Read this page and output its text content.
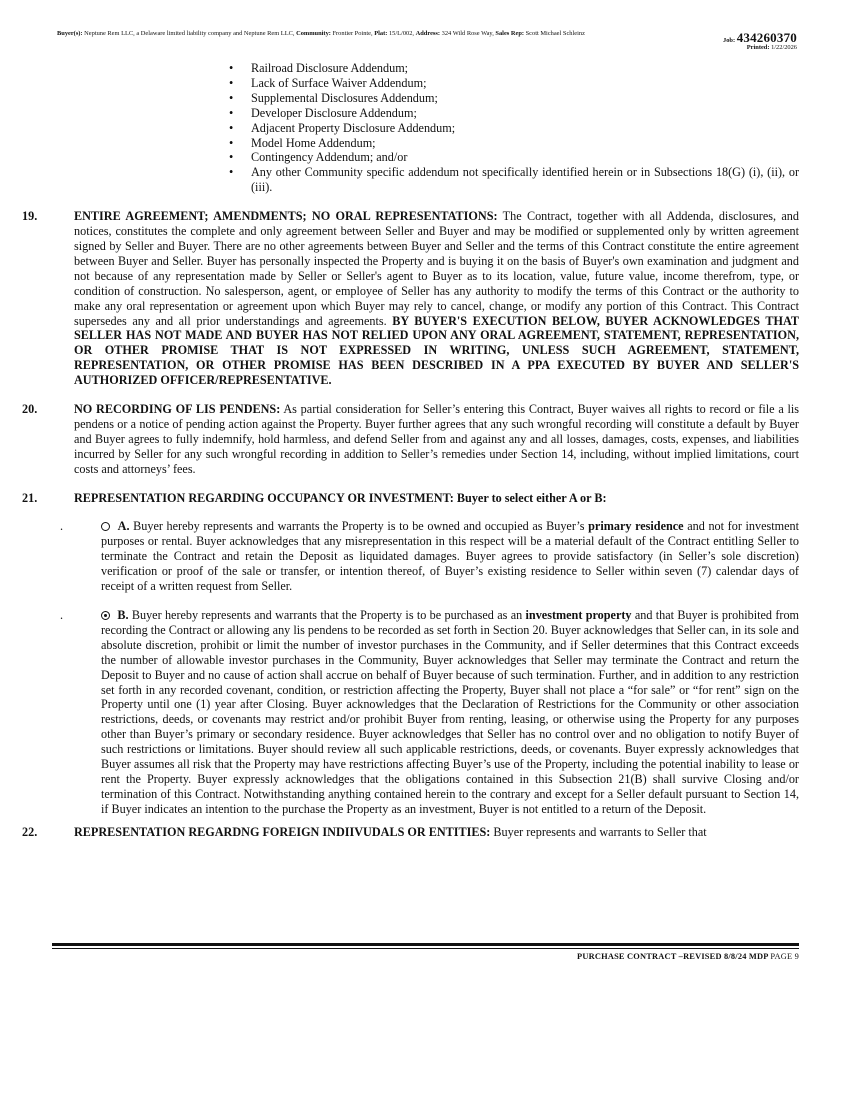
Buyer(s): Neptune Rem LLC, a Delaware limited liability company and Neptune Rem LLC, Community: Frontier Pointe, Plat: 15/L/002, Address: 324 Wild Rose Way, Sales Rep: Scott Michael Schleinz
Job: 434260370
Printed: 1/22/2026
• Railroad Disclosure Addendum;
• Lack of Surface Waiver Addendum;
• Supplemental Disclosures Addendum;
• Developer Disclosure Addendum;
• Adjacent Property Disclosure Addendum;
• Model Home Addendum;
• Contingency Addendum; and/or
• Any other Community specific addendum not specifically identified herein or in Subsections 18(G) (i), (ii), or (iii).
19.	ENTIRE AGREEMENT; AMENDMENTS; NO ORAL REPRESENTATIONS: The Contract, together with all Addenda, disclosures, and notices, constitutes the complete and only agreement between Seller and Buyer and may be modified or supplemented only by written agreement signed by Seller and Buyer. There are no other agreements between Buyer and Seller and the terms of this Contract constitute the entire agreement between Buyer and Seller. Buyer has personally inspected the Property and is buying it on the basis of Buyer's own examination and judgment and not because of any representation made by Seller or Seller's agent to Buyer as to its location, value, future value, income therefrom, type, or condition of construction. No salesperson, agent, or employee of Seller has any authority to modify the terms of this Contract or the authority to make any oral representation or agreement upon which Buyer may rely to cancel, change, or modify any portion of this Contract. This Contract supersedes any and all prior understandings and agreements. BY BUYER'S EXECUTION BELOW, BUYER ACKNOWLEDGES THAT SELLER HAS NOT MADE AND BUYER HAS NOT RELIED UPON ANY ORAL AGREEMENT, STATEMENT, REPRESENTATION, OR OTHER PROMISE THAT IS NOT EXPRESSED IN WRITING, UNLESS SUCH AGREEMENT, STATEMENT, REPRESENTATION, OR OTHER PROMISE HAS BEEN DESCRIBED IN A PPA EXECUTED BY BUYER AND SELLER'S AUTHORIZED OFFICER/REPRESENTATIVE.

20.	NO RECORDING OF LIS PENDENS: As partial consideration for Seller’s entering this Contract, Buyer waives all rights to record or file a lis pendens or a notice of pending action against the Property. Buyer further agrees that any such wrongful recording will constitute a default by Buyer and Buyer agrees to fully indemnify, hold harmless, and defend Seller from and against any and all losses, damages, costs, expenses, and liabilities incurred by Seller for any such wrongful recording in addition to Seller’s remedies under Section 14, including, without implied limitations, court costs and attorneys’ fees.

21.	REPRESENTATION REGARDING OCCUPANCY OR INVESTMENT: Buyer to select either A or B:

.	A. Buyer hereby represents and warrants the Property is to be owned and occupied as Buyer’s primary residence and not for investment purposes or rental. Buyer acknowledges that any misrepresentation in this respect will be a material default of the Contract entitling Seller to terminate the Contract and retain the Deposit as liquidated damages. Buyer agrees to provide satisfactory (in Seller’s sole discretion) verification or proof of the sale or transfer, or intention thereof, of Buyer’s existing residence to Seller within seven (7) calendar days of receipt of a written request from Seller.

.	B. Buyer hereby represents and warrants that the Property is to be purchased as an investment property and that Buyer is prohibited from recording the Contract or allowing any lis pendens to be recorded as set forth in Section 20. Buyer acknowledges that Seller can, in its sole and absolute discretion, prohibit or limit the number of investor purchases in the Community, and if Seller determines that this Contract exceeds the number of allowable investor purchases in the Community, Buyer acknowledges that Seller may terminate the Contract and return the Deposit to Buyer and no cause of action shall accrue on behalf of Buyer because of such termination. Further, and in addition to any restriction set forth in any recorded covenant, condition, or restriction affecting the Property, Buyer shall not place a “for sale” or “for rent” sign on the Property until one (1) year after Closing. Buyer acknowledges that the Declaration of Restrictions for the Community or other association restrictions, deeds, or covenants may restrict and/or prohibit Buyer from renting, leasing, or otherwise using the Property for any purposes other than Buyer’s primary or secondary residence. Buyer acknowledges that Seller has no control over and no obligation to notify Buyer of such restrictions or limitations. Buyer should review all such applicable restrictions, deeds, or covenants. Buyer expressly acknowledges that Buyer assumes all risk that the Property may have restrictions affecting Buyer’s use of the Property, including the potential inability to lease or rent the Property. Buyer expressly acknowledges that the obligations contained in this Subsection 21(B) shall survive Closing and/or termination of this Contract. Notwithstanding anything contained herein to the contrary and except for a Seller default pursuant to Section 14, if Buyer indicates an intention to the purchase the Property as an investment, Buyer is not entitled to a return of the Deposit.

22.	REPRESENTATION REGARDNG FOREIGN INDIIVUDALS OR ENTITIES: Buyer represents and warrants to Seller that

PURCHASE CONTRACT –REVISED 8/8/24 MDP PAGE 9
